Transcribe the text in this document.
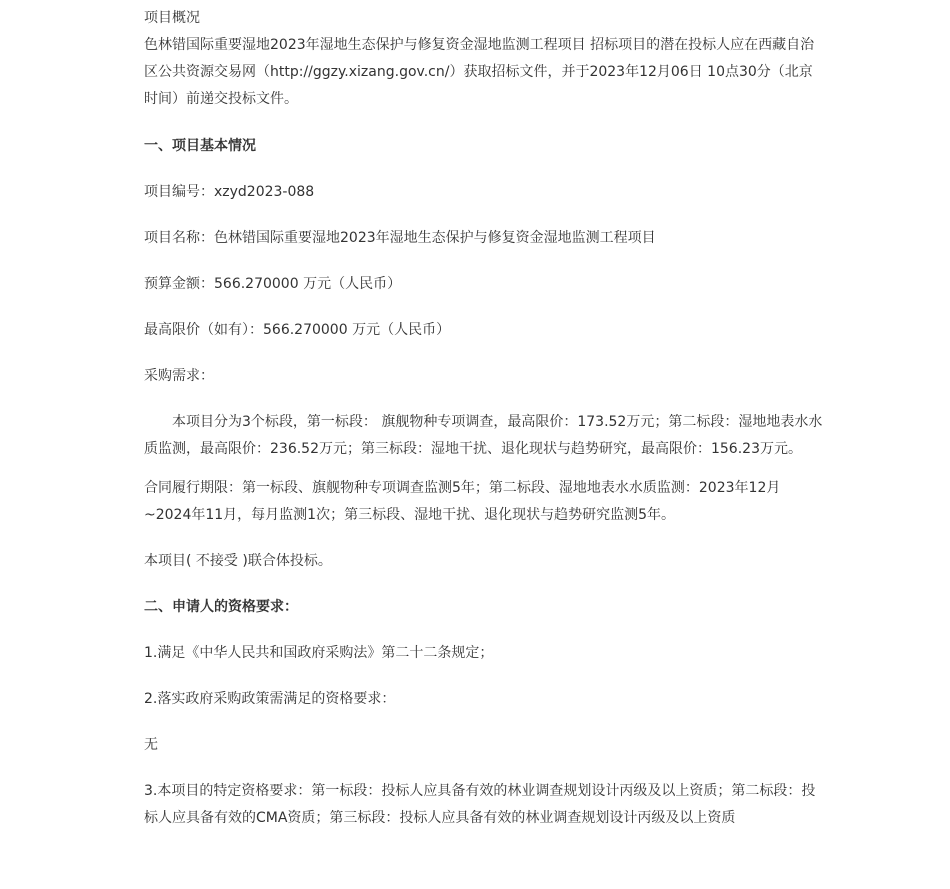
项目概况

色林错国际重要湿地2023年湿地生态保护与修复资金湿地监测工程项目 招标项目的潜在投标人应在西藏自治区公共资源交易网（http://ggzy.xizang.gov.cn/）获取招标文件，并于2023年12月06日 10点30分（北京时间）前递交投标文件。

一、项目基本情况

项目编号：xzyd2023-088

项目名称：色林错国际重要湿地2023年湿地生态保护与修复资金湿地监测工程项目

预算金额：566.270000 万元（人民币）

最高限价（如有）：566.270000 万元（人民币）

采购需求：

本项目分为3个标段，第一标段： 旗舰物种专项调查，最高限价：173.52万元；第二标段：湿地地表水水质监测，最高限价：236.52万元；第三标段：湿地干扰、退化现状与趋势研究，最高限价：156.23万元。

合同履行期限：第一标段、旗舰物种专项调查监测5年；第二标段、湿地地表水水质监测：2023年12月~2024年11月，每月监测1次；第三标段、湿地干扰、退化现状与趋势研究监测5年。

本项目( 不接受 )联合体投标。

二、申请人的资格要求：

1.满足《中华人民共和国政府采购法》第二十二条规定；

2.落实政府采购政策需满足的资格要求：

无

3.本项目的特定资格要求：第一标段：投标人应具备有效的林业调查规划设计丙级及以上资质；第二标段：投标人应具备有效的CMA资质；第三标段：投标人应具备有效的林业调查规划设计丙级及以上资质
